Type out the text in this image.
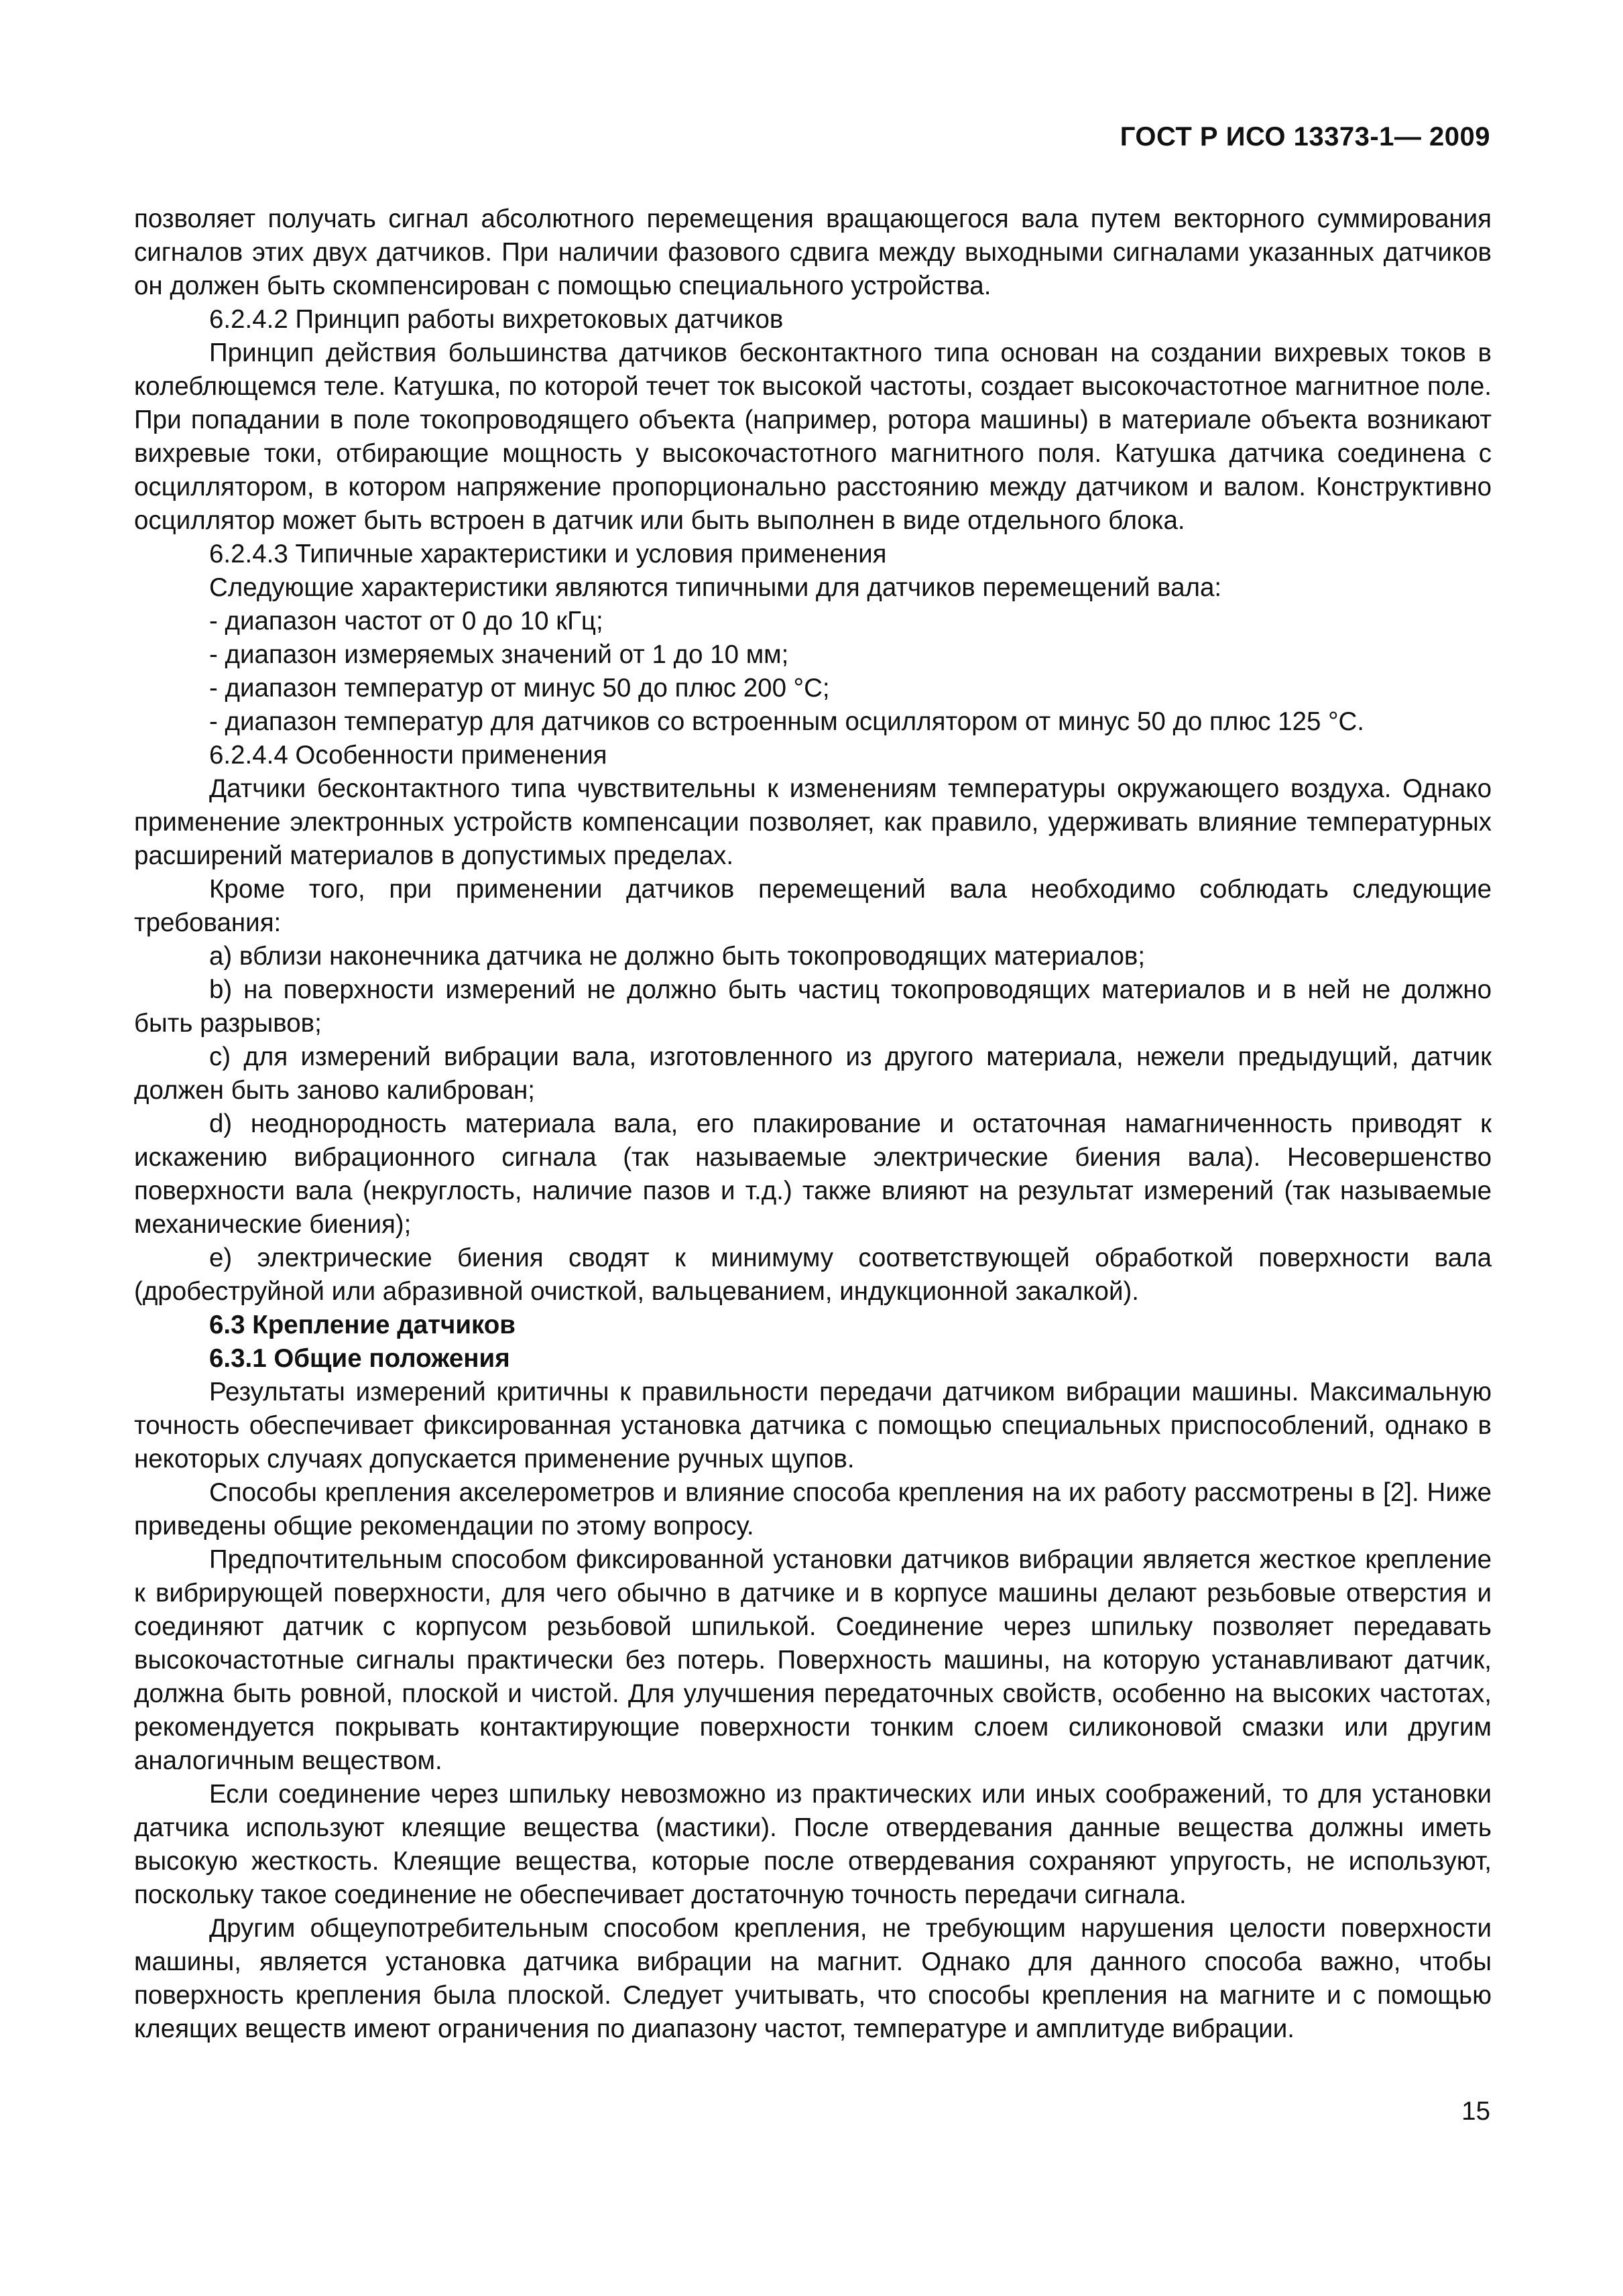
ГОСТ Р ИСО 13373-1— 2009

позволяет получать сигнал абсолютного перемещения вращающегося вала путем векторного суммирования сигналов этих двух датчиков. При наличии фазового сдвига между выходными сигналами указанных датчиков он должен быть скомпенсирован с помощью специального устройства.

6.2.4.2 Принцип работы вихретоковых датчиков

Принцип действия большинства датчиков бесконтактного типа основан на создании вихревых токов в колеблющемся теле. Катушка, по которой течет ток высокой частоты, создает высокочастотное магнитное поле. При попадании в поле токопроводящего объекта (например, ротора машины) в материале объекта возникают вихревые токи, отбирающие мощность у высокочастотного магнитного поля. Катушка датчика соединена с осциллятором, в котором напряжение пропорционально расстоянию между датчиком и валом. Конструктивно осциллятор может быть встроен в датчик или быть выполнен в виде отдельного блока.

6.2.4.3 Типичные характеристики и условия применения

Следующие характеристики являются типичными для датчиков перемещений вала:

- диапазон частот от 0 до 10 кГц;

- диапазон измеряемых значений от 1 до 10 мм;

- диапазон температур от минус 50 до плюс 200 °С;

- диапазон температур для датчиков со встроенным осциллятором от минус 50 до плюс 125 °С.

6.2.4.4 Особенности применения

Датчики бесконтактного типа чувствительны к изменениям температуры окружающего воздуха. Однако применение электронных устройств компенсации позволяет, как правило, удерживать влияние температурных расширений материалов в допустимых пределах.

Кроме того, при применении датчиков перемещений вала необходимо соблюдать следующие требования:

а) вблизи наконечника датчика не должно быть токопроводящих материалов;

b) на поверхности измерений не должно быть частиц токопроводящих материалов и в ней не должно быть разрывов;

c) для измерений вибрации вала, изготовленного из другого материала, нежели предыдущий, датчик должен быть заново калиброван;

d) неоднородность материала вала, его плакирование и остаточная намагниченность приводят к искажению вибрационного сигнала (так называемые электрические биения вала). Несовершенство поверхности вала (некруглость, наличие пазов и т.д.) также влияют на результат измерений (так называемые механические биения);

e) электрические биения сводят к минимуму соответствующей обработкой поверхности вала (дробеструйной или абразивной очисткой, вальцеванием, индукционной закалкой).

6.3 Крепление датчиков

6.3.1 Общие положения

Результаты измерений критичны к правильности передачи датчиком вибрации машины. Максимальную точность обеспечивает фиксированная установка датчика с помощью специальных приспособлений, однако в некоторых случаях допускается применение ручных щупов.

Способы крепления акселерометров и влияние способа крепления на их работу рассмотрены в [2]. Ниже приведены общие рекомендации по этому вопросу.

Предпочтительным способом фиксированной установки датчиков вибрации является жесткое крепление к вибрирующей поверхности, для чего обычно в датчике и в корпусе машины делают резьбовые отверстия и соединяют датчик с корпусом резьбовой шпилькой. Соединение через шпильку позволяет передавать высокочастотные сигналы практически без потерь. Поверхность машины, на которую устанавливают датчик, должна быть ровной, плоской и чистой. Для улучшения передаточных свойств, особенно на высоких частотах, рекомендуется покрывать контактирующие поверхности тонким слоем силиконовой смазки или другим аналогичным веществом.

Если соединение через шпильку невозможно из практических или иных соображений, то для установки датчика используют клеящие вещества (мастики). После отвердевания данные вещества должны иметь высокую жесткость. Клеящие вещества, которые после отвердевания сохраняют упругость, не используют, поскольку такое соединение не обеспечивает достаточную точность передачи сигнала.

Другим общеупотребительным способом крепления, не требующим нарушения целости поверхности машины, является установка датчика вибрации на магнит. Однако для данного способа важно, чтобы поверхность крепления была плоской. Следует учитывать, что способы крепления на магните и с помощью клеящих веществ имеют ограничения по диапазону частот, температуре и амплитуде вибрации.

15
